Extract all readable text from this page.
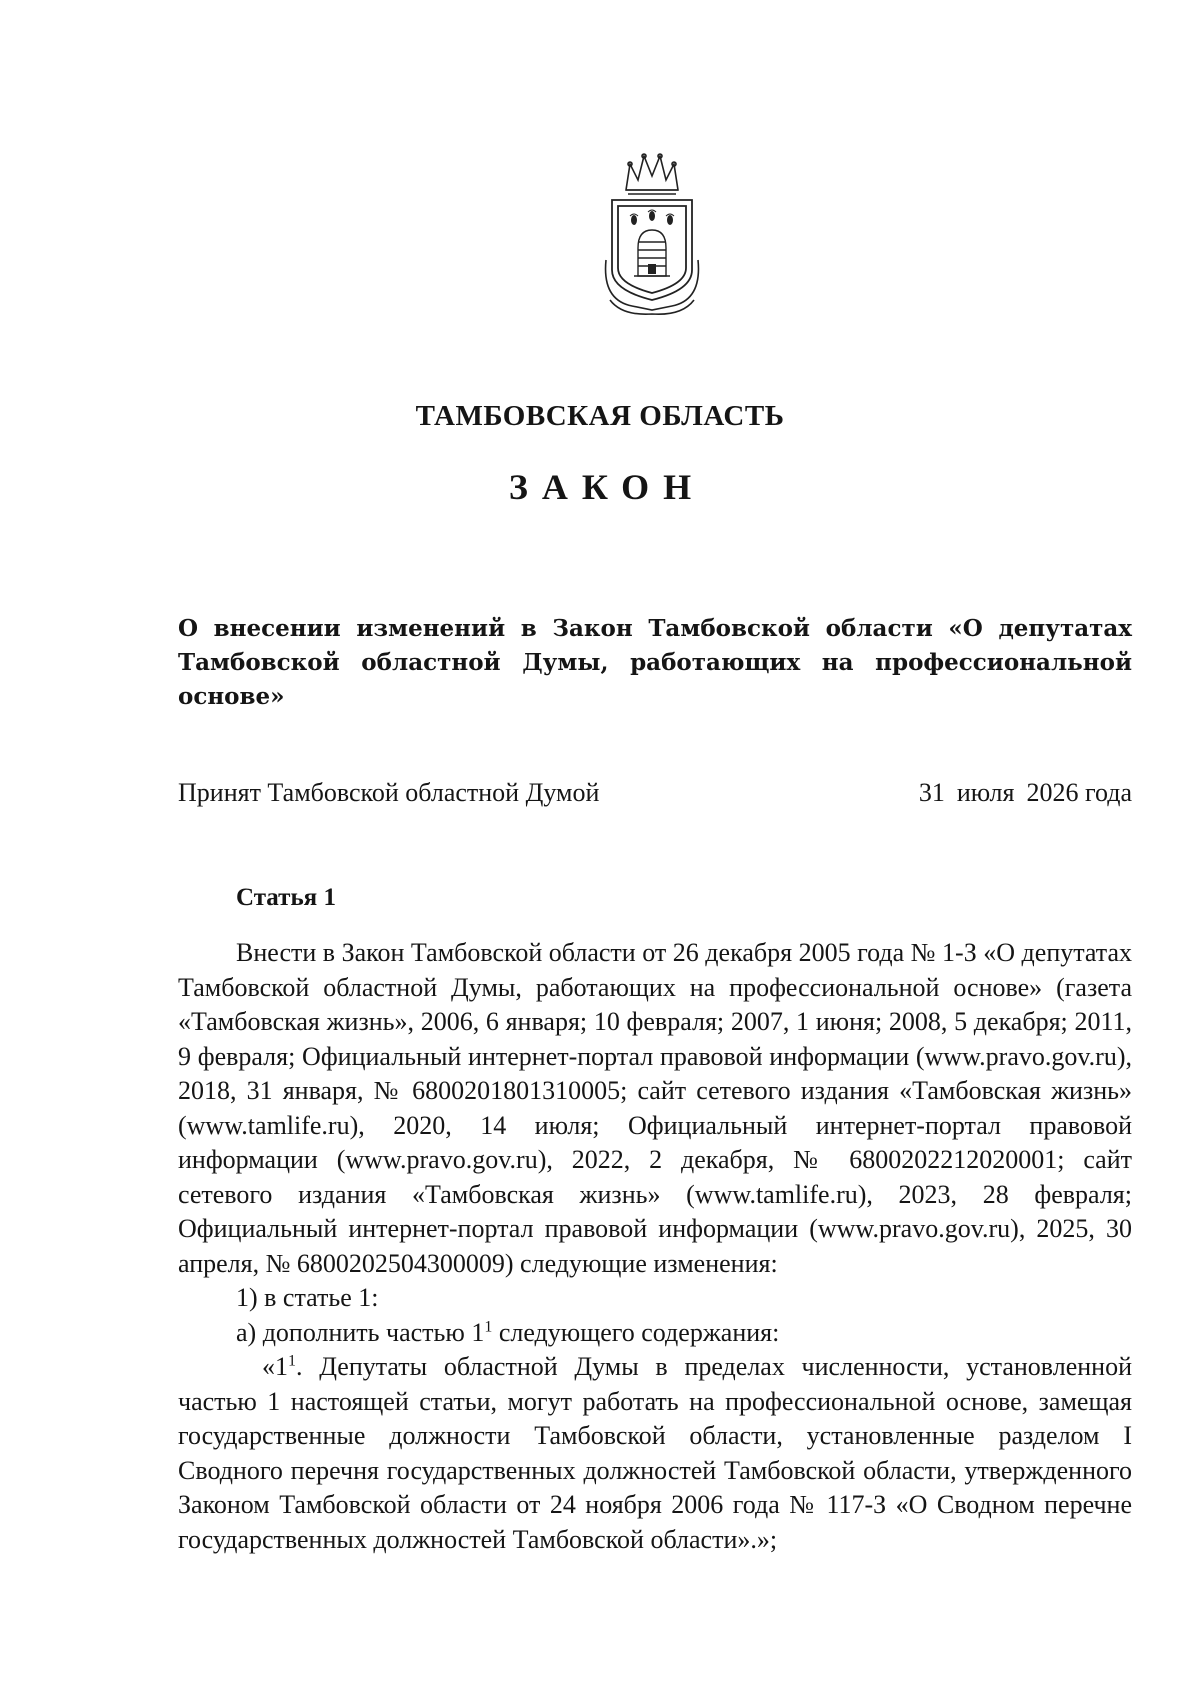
ТАМБОВСКАЯ ОБЛАСТЬ
ЗАКОН
О внесении изменений в Закон Тамбовской области «О депутатах Тамбовской областной Думы, работающих на профессиональной основе»
Принят Тамбовской областной Думой	31 июля 2026 года
Статья 1

Внести в Закон Тамбовской области от 26 декабря 2005 года № 1-З «О депутатах Тамбовской областной Думы, работающих на профессиональной основе» (газета «Тамбовская жизнь», 2006, 6 января; 10 февраля; 2007, 1 июня; 2008, 5 декабря; 2011, 9 февраля; Официальный интернет-портал правовой информации (www.pravo.gov.ru), 2018, 31 января, № 6800201801310005; сайт сетевого издания «Тамбовская жизнь» (www.tamlife.ru), 2020, 14 июля; Официальный интернет-портал правовой информации (www.pravo.gov.ru), 2022, 2 декабря, № 6800202212020001; сайт сетевого издания «Тамбовская жизнь» (www.tamlife.ru), 2023, 28 февраля; Официальный интернет-портал правовой информации (www.pravo.gov.ru), 2025, 30 апреля, № 6800202504300009) следующие изменения:

1) в статье 1:

а) дополнить частью $1^1$ следующего содержания:

«$1^1$. Депутаты областной Думы в пределах численности, установленной частью 1 настоящей статьи, могут работать на профессиональной основе, замещая государственные должности Тамбовской области, установленные разделом I Сводного перечня государственных должностей Тамбовской области, утвержденного Законом Тамбовской области от 24 ноября 2006 года № 117-З «О Сводном перечне государственных должностей Тамбовской области».»;
